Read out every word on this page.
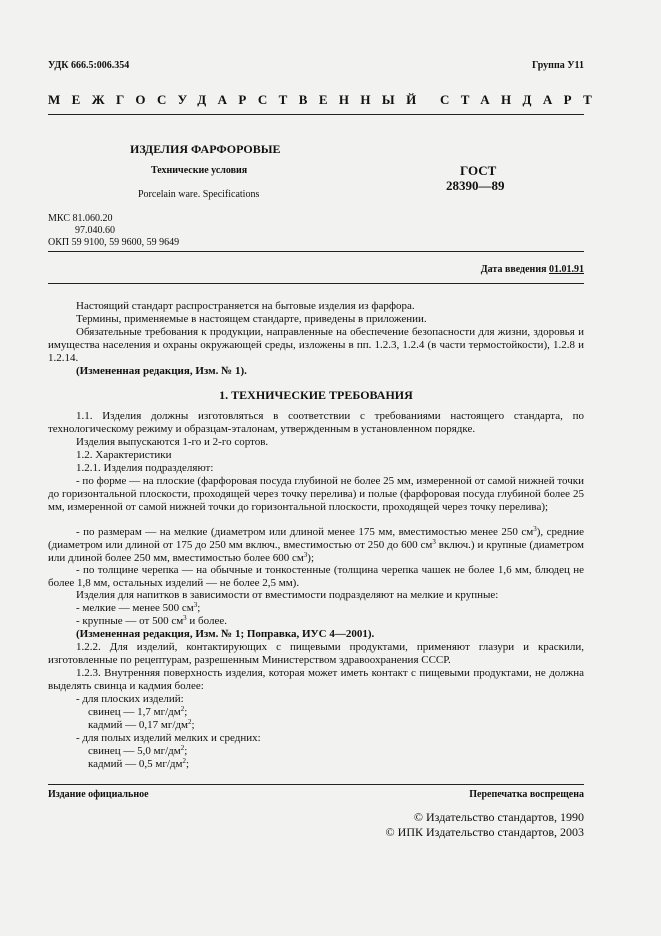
УДК 666.5:006.354	Группа У11
МЕЖГОСУДАРСТВЕННЫЙ СТАНДАРТ
ИЗДЕЛИЯ ФАРФОРОВЫЕ
Технические условия
Porcelain ware. Specifications
ГОСТ
28390—89
МКС 81.060.20
97.040.60
ОКП 59 9100, 59 9600, 59 9649
Дата введения 01.01.91
Настоящий стандарт распространяется на бытовые изделия из фарфора.
Термины, применяемые в настоящем стандарте, приведены в приложении.
Обязательные требования к продукции, направленные на обеспечение безопасности для жизни, здоровья и имущества населения и охраны окружающей среды, изложены в пп. 1.2.3, 1.2.4 (в части термостойкости), 1.2.8 и 1.2.14.
(Измененная редакция, Изм. № 1).
1. ТЕХНИЧЕСКИЕ ТРЕБОВАНИЯ
1.1. Изделия должны изготовляться в соответствии с требованиями настоящего стандарта, по технологическому режиму и образцам-эталонам, утвержденным в установленном порядке.
Изделия выпускаются 1-го и 2-го сортов.
1.2. Характеристики
1.2.1. Изделия подразделяют:
- по форме — на плоские (фарфоровая посуда глубиной не более 25 мм, измеренной от самой нижней точки до горизонтальной плоскости, проходящей через точку перелива) и полые (фарфоровая посуда глубиной более 25 мм, измеренной от самой нижней точки до горизонтальной плоскости, проходящей через точку перелива);
- по размерам — на мелкие (диаметром или длиной менее 175 мм, вместимостью менее 250 $см^3$), средние (диаметром или длиной от 175 до 250 мм включ., вместимостью от 250 до 600 $см^3$ включ.) и крупные (диаметром или длиной более 250 мм, вместимостью более 600 $см^3$);
- по толщине черепка — на обычные и тонкостенные (толщина черепка чашек не более 1,6 мм, блюдец не более 1,8 мм, остальных изделий — не более 2,5 мм).
Изделия для напитков в зависимости от вместимости подразделяют на мелкие и крупные:
- мелкие — менее 500 $см^3$;
- крупные — от 500 $см^3$ и более.
(Измененная редакция, Изм. № 1; Поправка, ИУС 4—2001).
1.2.2. Для изделий, контактирующих с пищевыми продуктами, применяют глазури и краскили, изготовленные по рецептурам, разрешенным Министерством здравоохранения СССР.
1.2.3. Внутренняя поверхность изделия, которая может иметь контакт с пищевыми продуктами, не должна выделять свинца и кадмия более:
- для плоских изделий:
свинец — 1,7 $мг/дм^2$;
кадмий — 0,17 $мг/дм^2$;
- для полых изделий мелких и средних:
свинец — 5,0 $мг/дм^2$;
кадмий — 0,5 $мг/дм^2$;
Издание официальное	Перепечатка воспрещена
© Издательство стандартов, 1990
© ИПК Издательство стандартов, 2003
